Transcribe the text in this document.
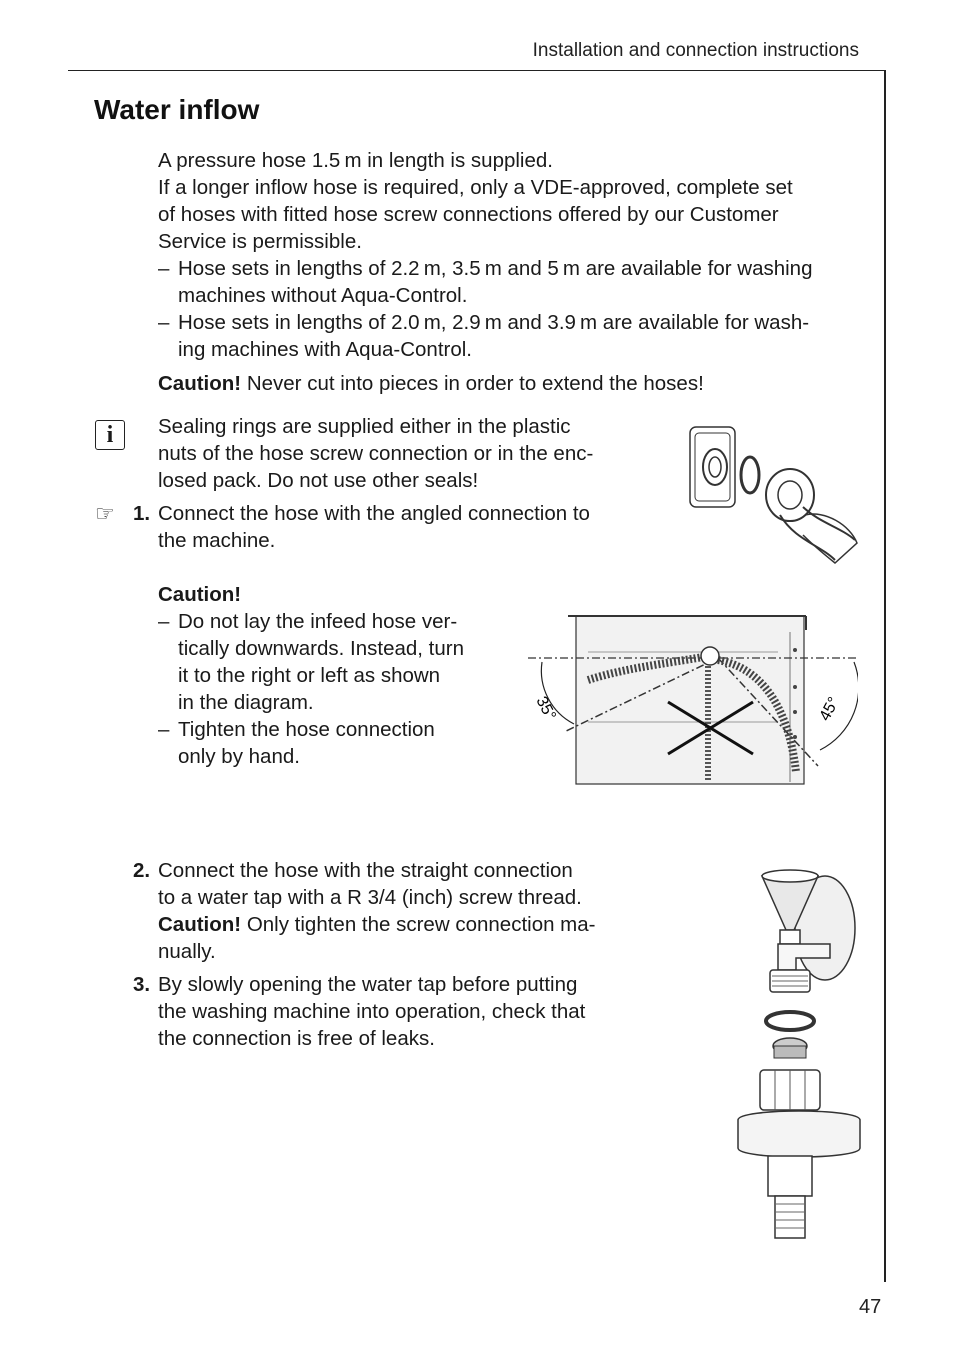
Installation and connection instructions
Water inflow
A pressure hose 1.5 m in length is supplied.
If a longer inflow hose is required, only a VDE-approved, complete set
of hoses with fitted hose screw connections offered by our Customer
Service is permissible.
– Hose sets in lengths of 2.2 m, 3.5 m and 5 m are available for washing
machines without Aqua-Control.
– Hose sets in lengths of 2.0 m, 2.9 m and 3.9 m are available for wash-
ing machines with Aqua-Control.
Caution! Never cut into pieces in order to extend the hoses!
i	Sealing rings are supplied either in the plastic
nuts of the hose screw connection or in the enc-
losed pack. Do not use other seals!
☞ 1. Connect the hose with the angled connection to
the machine.
Caution!
– Do not lay the infeed hose ver-
tically downwards. Instead, turn
it to the right or left as shown
in the diagram.
– Tighten the hose connection
only by hand.
35°	45°
2. Connect the hose with the straight connection
to a water tap with a R 3/4 (inch) screw thread.
Caution! Only tighten the screw connection ma-
nually.
3. By slowly opening the water tap before putting
the washing machine into operation, check that
the connection is free of leaks.
47
